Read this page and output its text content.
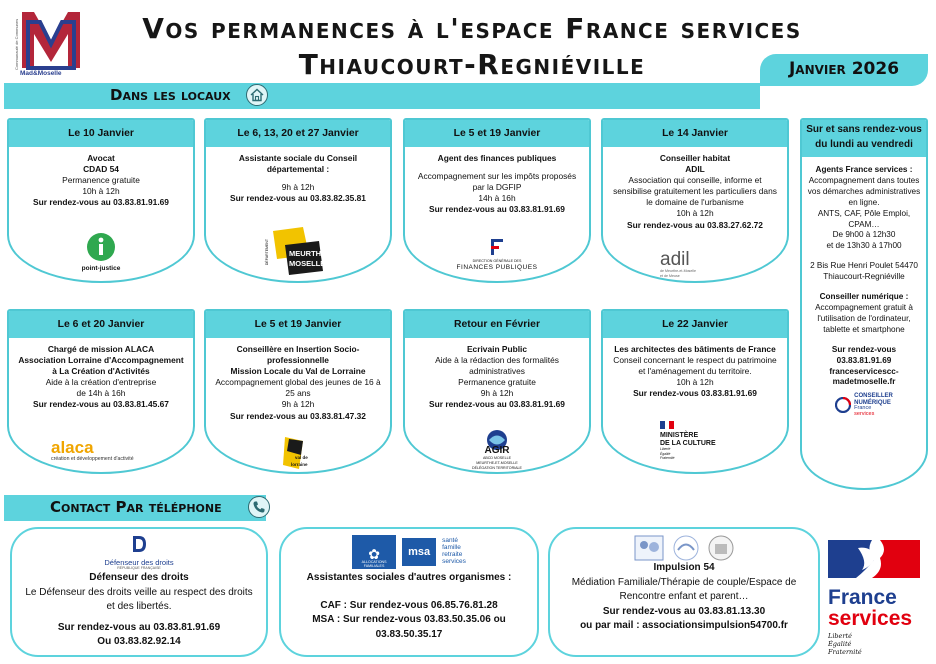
Communauté de Communes
Mad&Moselle
Vos permanences à l'espace France services
Thiaucourt-Regniéville	Janvier 2026
Dans les locaux
Le 10 Janvier
Avocat
CDAD 54
Permanence gratuite
10h à 12h
Sur rendez-vous au 03.83.81.91.69
point-justice
Le 6, 13, 20 et 27 Janvier
Assistante sociale du Conseil départemental :
9h à 12h
Sur rendez-vous au 03.83.82.35.81
DÉPARTEMENT	MEURTHE
MOSELLE
Le 5 et 19 Janvier
Agent des finances publiques
Accompagnement sur les impôts proposés par la DGFIP
14h à 16h
Sur rendez-vous au 03.83.81.91.69
DIRECTION GÉNÉRALE DES
FINANCES PUBLIQUES
Le 14 Janvier
Conseiller habitat
ADIL
Association qui conseille, informe et sensibilise gratuitement les particuliers dans le domaine de l'urbanisme
10h à 12h
Sur rendez-vous au 03.83.27.62.72
adil
de Meurthe-et-Moselle
et de Meuse
Le 6 et 20 Janvier
Chargé de mission ALACA
Association Lorraine d'Accompagnement à La Création d'Activités
Aide à la création d'entreprise
de 14h à 16h
Sur rendez-vous au 03.83.81.45.67
alaca
création et développement d'activité
Le 5 et 19 Janvier
Conseillère en Insertion Socio-professionnelle
Mission Locale du Val de Lorraine
Accompagnement global des jeunes de 16 à 25 ans
9h à 12h
Sur rendez-vous au 03.83.81.47.32
val de
lorraine
Retour en Février
Ecrivain Public
Aide à la rédaction des formalités administratives
Permanence gratuite
9h à 12h
Sur rendez-vous au 03.83.81.91.69
AGIR
ABCD MOSELLE
MEURTHE-ET-MOSELLE
DÉLÉGATION TERRITORIALE
Le 22 Janvier
Les architectes des bâtiments de France
Conseil concernant le respect du patrimoine et l'aménagement du territoire.
10h à 12h
Sur rendez-vous 03.83.81.91.69
MINISTÈRE
DE LA CULTURE
Liberté
Égalité
Fraternité
Sur et sans rendez-vous
du lundi au vendredi
Agents France services :
Accompagnement dans toutes vos démarches administratives en ligne.
ANTS, CAF, Pôle Emploi, CPAM…
De 9h00 à 12h30
et de 13h30 à 17h00
2 Bis Rue Henri Poulet 54470 Thiaucourt-Regniéville
Conseiller numérique :
Accompagnement gratuit à l'utilisation de l'ordinateur, tablette et smartphone
Sur rendez-vous
03.83.81.91.69
franceservicescc-madetmoselle.fr
CONSEILLER
NUMÉRIQUE
France
services
Contact Par téléphone
Défenseur des droits
RÉPUBLIQUE FRANÇAISE
Défenseur des droits
Le Défenseur des droits veille au respect des droits et des libertés.
Sur rendez-vous au 03.83.81.91.69
Ou 03.83.82.92.14
✿
ALLOCATIONS FAMILIALES
msa
santé
famille
retraite
services
Assistantes sociales d'autres organismes :
CAF : Sur rendez-vous 06.85.76.81.28
MSA : Sur rendez-vous 03.83.50.35.06 ou 03.83.50.35.17
Impulsion 54
Médiation Familiale/Thérapie de couple/Espace de Rencontre enfant et parent…
Sur rendez-vous au 03.83.81.13.30
ou par mail : associationsimpulsion54700.fr
France
services
Liberté
Égalité
Fraternité
